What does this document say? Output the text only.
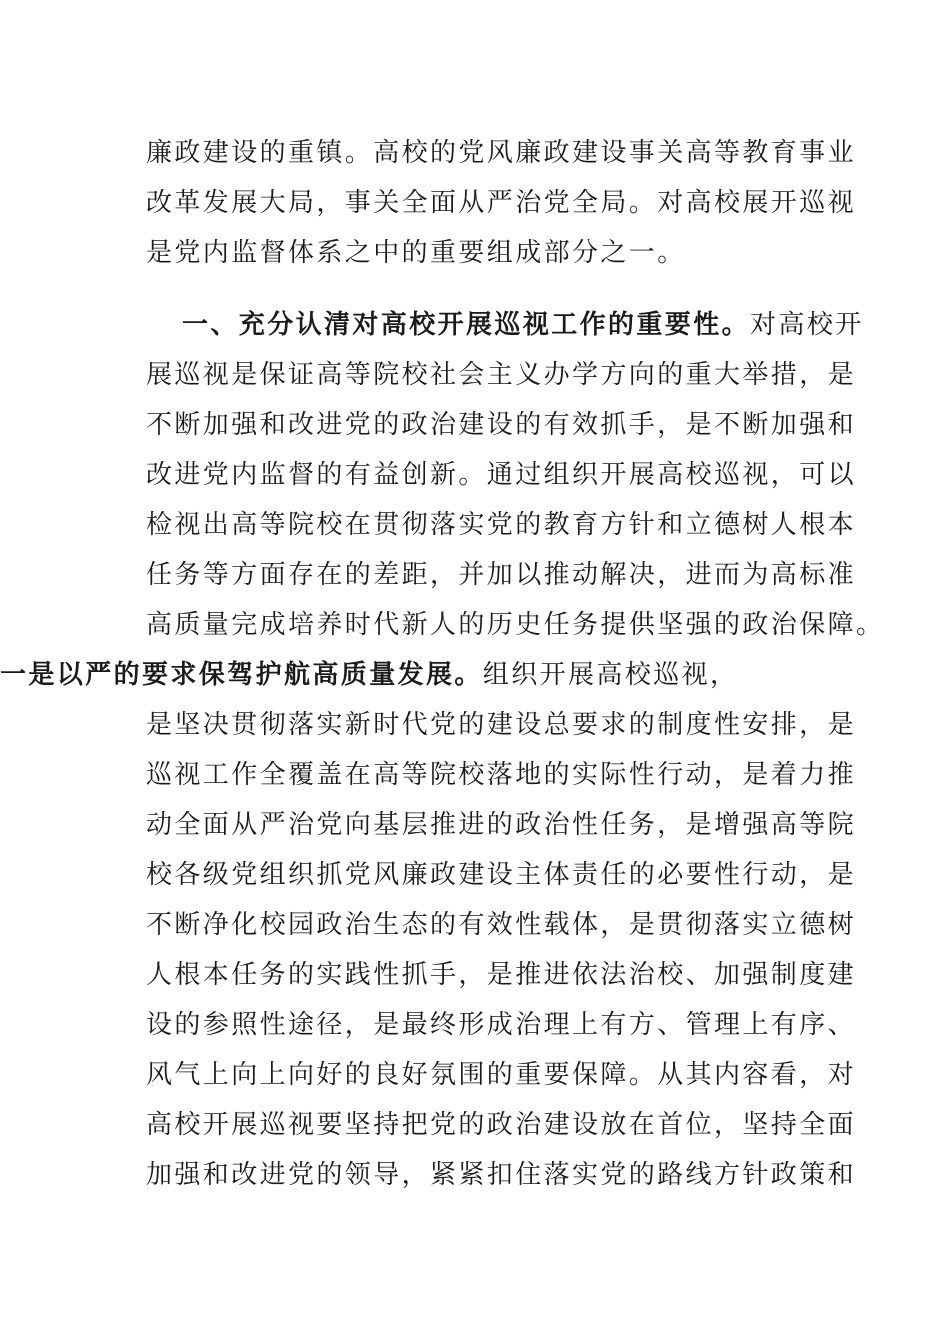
廉政建设的重镇。高校的党风廉政建设事关高等教育事业
改革发展大局，事关全面从严治党全局。对高校展开巡视
是党内监督体系之中的重要组成部分之一。
一、充分认清对高校开展巡视工作的重要性。对高校开
展巡视是保证高等院校社会主义办学方向的重大举措，是
不断加强和改进党的政治建设的有效抓手，是不断加强和
改进党内监督的有益创新。通过组织开展高校巡视，可以
检视出高等院校在贯彻落实党的教育方针和立德树人根本
任务等方面存在的差距，并加以推动解决，进而为高标准
高质量完成培养时代新人的历史任务提供坚强的政治保障。
一是以严的要求保驾护航高质量发展。组织开展高校巡视，
是坚决贯彻落实新时代党的建设总要求的制度性安排，是
巡视工作全覆盖在高等院校落地的实际性行动，是着力推
动全面从严治党向基层推进的政治性任务，是增强高等院
校各级党组织抓党风廉政建设主体责任的必要性行动，是
不断净化校园政治生态的有效性载体，是贯彻落实立德树
人根本任务的实践性抓手，是推进依法治校、加强制度建
设的参照性途径，是最终形成治理上有方、管理上有序、
风气上向上向好的良好氛围的重要保障。从其内容看，对
高校开展巡视要坚持把党的政治建设放在首位，坚持全面
加强和改进党的领导，紧紧扣住落实党的路线方针政策和
